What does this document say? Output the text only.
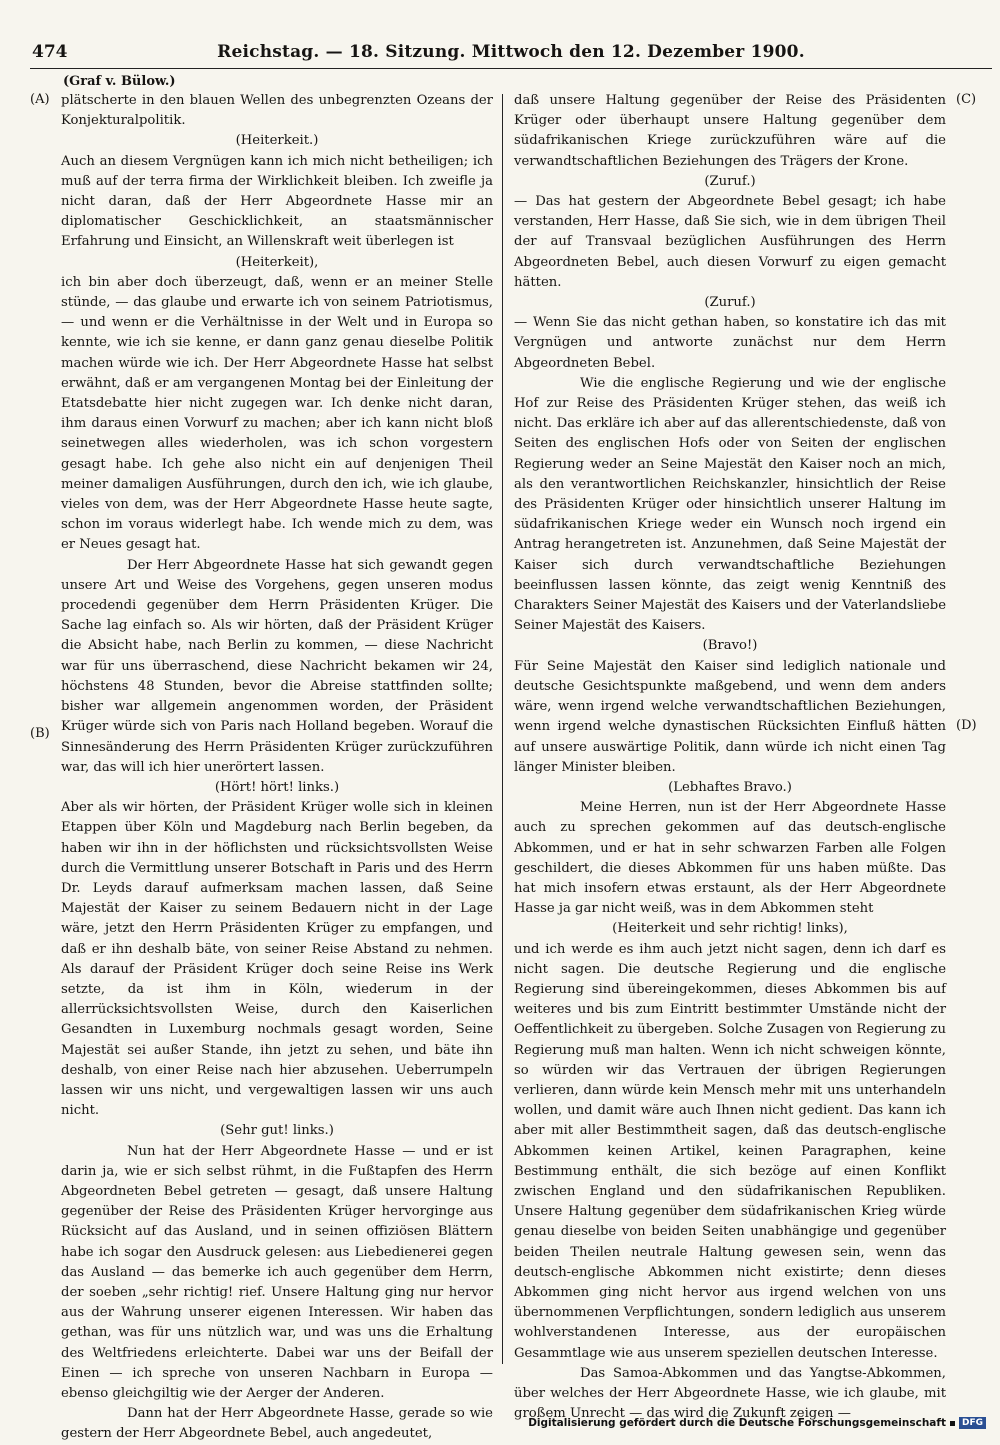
474	Reichstag. — 18. Sitzung. Mittwoch den 12. Dezember 1900.
(Graf v. Bülow.)
(A)
(B)
(C)
(D)

plätscherte in den blauen Wellen des unbegrenzten Ozeans der Konjekturalpolitik.

(Heiterkeit.)

Auch an diesem Vergnügen kann ich mich nicht betheiligen; ich muß auf der terra firma der Wirklichkeit bleiben. Ich zweifle ja nicht daran, daß der Herr Abgeordnete Hasse mir an diplomatischer Geschicklichkeit, an staatsmännischer Erfahrung und Einsicht, an Willenskraft weit überlegen ist

(Heiterkeit),

ich bin aber doch überzeugt, daß, wenn er an meiner Stelle stünde, — das glaube und erwarte ich von seinem Patriotismus, — und wenn er die Verhältnisse in der Welt und in Europa so kennte, wie ich sie kenne, er dann ganz genau dieselbe Politik machen würde wie ich. Der Herr Abgeordnete Hasse hat selbst erwähnt, daß er am vergangenen Montag bei der Einleitung der Etatsdebatte hier nicht zugegen war. Ich denke nicht daran, ihm daraus einen Vorwurf zu machen; aber ich kann nicht bloß seinetwegen alles wiederholen, was ich schon vorgestern gesagt habe. Ich gehe also nicht ein auf denjenigen Theil meiner damaligen Ausführungen, durch den ich, wie ich glaube, vieles von dem, was der Herr Abgeordnete Hasse heute sagte, schon im voraus widerlegt habe. Ich wende mich zu dem, was er Neues gesagt hat.

Der Herr Abgeordnete Hasse hat sich gewandt gegen unsere Art und Weise des Vorgehens, gegen unseren modus procedendi gegenüber dem Herrn Präsidenten Krüger. Die Sache lag einfach so. Als wir hörten, daß der Präsident Krüger die Absicht habe, nach Berlin zu kommen, — diese Nachricht war für uns überraschend, diese Nachricht bekamen wir 24, höchstens 48 Stunden, bevor die Abreise stattfinden sollte; bisher war allgemein angenommen worden, der Präsident Krüger würde sich von Paris nach Holland begeben. Worauf die Sinnesänderung des Herrn Präsidenten Krüger zurückzuführen war, das will ich hier unerörtert lassen.

(Hört! hört! links.)

Aber als wir hörten, der Präsident Krüger wolle sich in kleinen Etappen über Köln und Magdeburg nach Berlin begeben, da haben wir ihn in der höflichsten und rücksichtsvollsten Weise durch die Vermittlung unserer Botschaft in Paris und des Herrn Dr. Leyds darauf aufmerksam machen lassen, daß Seine Majestät der Kaiser zu seinem Bedauern nicht in der Lage wäre, jetzt den Herrn Präsidenten Krüger zu empfangen, und daß er ihn deshalb bäte, von seiner Reise Abstand zu nehmen. Als darauf der Präsident Krüger doch seine Reise ins Werk setzte, da ist ihm in Köln, wiederum in der allerrücksichtsvollsten Weise, durch den Kaiserlichen Gesandten in Luxemburg nochmals gesagt worden, Seine Majestät sei außer Stande, ihn jetzt zu sehen, und bäte ihn deshalb, von einer Reise nach hier abzusehen. Ueberrumpeln lassen wir uns nicht, und vergewaltigen lassen wir uns auch nicht.

(Sehr gut! links.)

Nun hat der Herr Abgeordnete Hasse — und er ist darin ja, wie er sich selbst rühmt, in die Fußtapfen des Herrn Abgeordneten Bebel getreten — gesagt, daß unsere Haltung gegenüber der Reise des Präsidenten Krüger hervorginge aus Rücksicht auf das Ausland, und in seinen offiziösen Blättern habe ich sogar den Ausdruck gelesen: aus Liebedienerei gegen das Ausland — das bemerke ich auch gegenüber dem Herrn, der soeben „sehr richtig! rief. Unsere Haltung ging nur hervor aus der Wahrung unserer eigenen Interessen. Wir haben das gethan, was für uns nützlich war, und was uns die Erhaltung des Weltfriedens erleichterte. Dabei war uns der Beifall der Einen — ich spreche von unseren Nachbarn in Europa — ebenso gleichgiltig wie der Aerger der Anderen.

Dann hat der Herr Abgeordnete Hasse, gerade so wie gestern der Herr Abgeordnete Bebel, auch angedeutet,

daß unsere Haltung gegenüber der Reise des Präsidenten Krüger oder überhaupt unsere Haltung gegenüber dem südafrikanischen Kriege zurückzuführen wäre auf die verwandtschaftlichen Beziehungen des Trägers der Krone.

(Zuruf.)

— Das hat gestern der Abgeordnete Bebel gesagt; ich habe verstanden, Herr Hasse, daß Sie sich, wie in dem übrigen Theil der auf Transvaal bezüglichen Ausführungen des Herrn Abgeordneten Bebel, auch diesen Vorwurf zu eigen gemacht hätten.

(Zuruf.)

— Wenn Sie das nicht gethan haben, so konstatire ich das mit Vergnügen und antworte zunächst nur dem Herrn Abgeordneten Bebel.

Wie die englische Regierung und wie der englische Hof zur Reise des Präsidenten Krüger stehen, das weiß ich nicht. Das erkläre ich aber auf das allerentschiedenste, daß von Seiten des englischen Hofs oder von Seiten der englischen Regierung weder an Seine Majestät den Kaiser noch an mich, als den verantwortlichen Reichskanzler, hinsichtlich der Reise des Präsidenten Krüger oder hinsichtlich unserer Haltung im südafrikanischen Kriege weder ein Wunsch noch irgend ein Antrag herangetreten ist. Anzunehmen, daß Seine Majestät der Kaiser sich durch verwandtschaftliche Beziehungen beeinflussen lassen könnte, das zeigt wenig Kenntniß des Charakters Seiner Majestät des Kaisers und der Vaterlandsliebe Seiner Majestät des Kaisers.

(Bravo!)

Für Seine Majestät den Kaiser sind lediglich nationale und deutsche Gesichtspunkte maßgebend, und wenn dem anders wäre, wenn irgend welche verwandtschaftlichen Beziehungen, wenn irgend welche dynastischen Rücksichten Einfluß hätten auf unsere auswärtige Politik, dann würde ich nicht einen Tag länger Minister bleiben.

(Lebhaftes Bravo.)

Meine Herren, nun ist der Herr Abgeordnete Hasse auch zu sprechen gekommen auf das deutsch-englische Abkommen, und er hat in sehr schwarzen Farben alle Folgen geschildert, die dieses Abkommen für uns haben müßte. Das hat mich insofern etwas erstaunt, als der Herr Abgeordnete Hasse ja gar nicht weiß, was in dem Abkommen steht

(Heiterkeit und sehr richtig! links),

und ich werde es ihm auch jetzt nicht sagen, denn ich darf es nicht sagen. Die deutsche Regierung und die englische Regierung sind übereingekommen, dieses Abkommen bis auf weiteres und bis zum Eintritt bestimmter Umstände nicht der Oeffentlichkeit zu übergeben. Solche Zusagen von Regierung zu Regierung muß man halten. Wenn ich nicht schweigen könnte, so würden wir das Vertrauen der übrigen Regierungen verlieren, dann würde kein Mensch mehr mit uns unterhandeln wollen, und damit wäre auch Ihnen nicht gedient. Das kann ich aber mit aller Bestimmtheit sagen, daß das deutsch-englische Abkommen keinen Artikel, keinen Paragraphen, keine Bestimmung enthält, die sich bezöge auf einen Konflikt zwischen England und den südafrikanischen Republiken. Unsere Haltung gegenüber dem südafrikanischen Krieg würde genau dieselbe von beiden Seiten unabhängige und gegenüber beiden Theilen neutrale Haltung gewesen sein, wenn das deutsch-englische Abkommen nicht existirte; denn dieses Abkommen ging nicht hervor aus irgend welchen von uns übernommenen Verpflichtungen, sondern lediglich aus unserem wohlverstandenen Interesse, aus der europäischen Gesammtlage wie aus unserem speziellen deutschen Interesse.

Das Samoa-Abkommen und das Yangtse-Abkommen, über welches der Herr Abgeordnete Hasse, wie ich glaube, mit großem Unrecht — das wird die Zukunft zeigen —

Digitalisierung gefördert durch die Deutsche Forschungsgemeinschaft	DFG
